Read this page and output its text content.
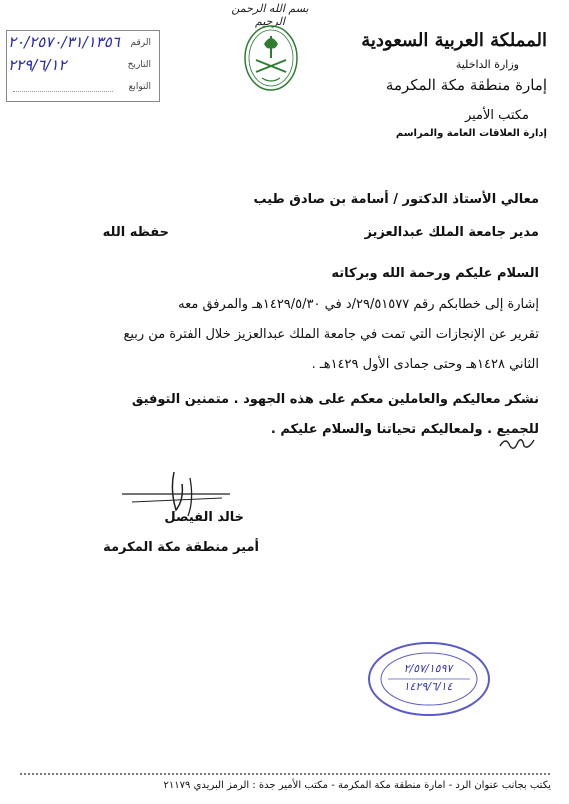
الرقم
التاريخ
التوابع
٢٠/٢٥٧٠/٣١/١٣٥٦
٢٢٩/٦/١٢
بسم الله الرحمن الرحيم
المملكة العربية السعودية
وزارة الداخلية
إمارة منطقة مكة المكرمة
مكتب الأمير
إدارة العلاقات العامة والمراسم
معالي الأستاذ الدكتور / أسامة بن صادق طيب
مدير جامعة الملك عبدالعزيز
حفظه الله
السلام عليكم ورحمة الله وبركاته
إشارة إلى خطابكم رقم ٢٩/٥١٥٧٧/د في ١٤٢٩/٥/٣٠هـ والمرفق معه
تقرير عن الإنجازات التي تمت في جامعة الملك عبدالعزيز خلال الفترة من ربيع
الثاني ١٤٢٨هـ وحتى جمادى الأول ١٤٢٩هـ .
نشكر معاليكم والعاملين معكم على هذه الجهود . متمنين التوفيق
للجميع . ولمعاليكم تحياتنا والسلام عليكم .
خالد الفيصل
أمير منطقة مكة المكرمة
٢/٥٧/١٥٩٧
١٤٢٩/٦/١٤
يكتب بجانب عنوان الرد - امارة منطقة مكة المكرمة - مكتب الأمير جدة : الرمز البريدي ٢١١٧٩
